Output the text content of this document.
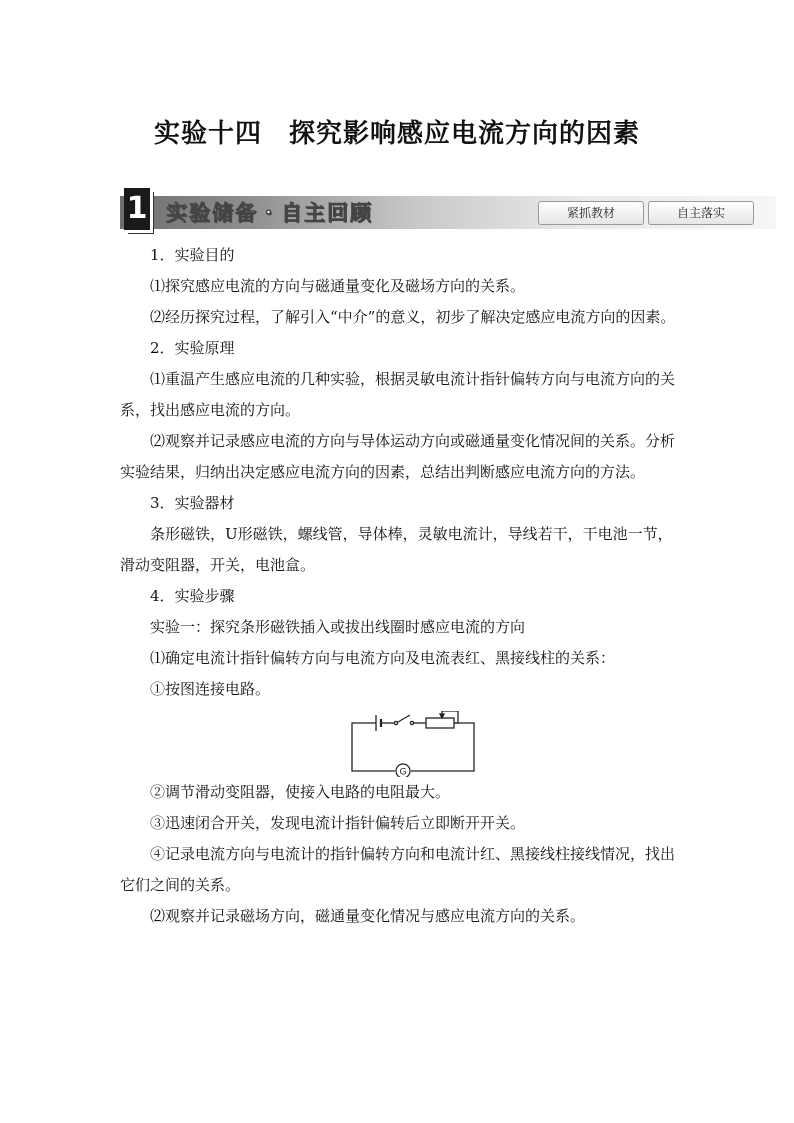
实验十四　探究影响感应电流方向的因素
1 实验储备・自主回顾	紧抓教材	自主落实

1．实验目的

⑴探究感应电流的方向与磁通量变化及磁场方向的关系。

⑵经历探究过程，了解引入“中介”的意义，初步了解决定感应电流方向的因素。

2．实验原理

⑴重温产生感应电流的几种实验，根据灵敏电流计指针偏转方向与电流方向的关系，找出感应电流的方向。

⑵观察并记录感应电流的方向与导体运动方向或磁通量变化情况间的关系。分析实验结果，归纳出决定感应电流方向的因素，总结出判断感应电流方向的方法。

3．实验器材

条形磁铁，U形磁铁，螺线管，导体棒，灵敏电流计，导线若干，干电池一节，滑动变阻器，开关，电池盒。

4．实验步骤

实验一：探究条形磁铁插入或拔出线圈时感应电流的方向

⑴确定电流计指针偏转方向与电流方向及电流表红、黑接线柱的关系：

①按图连接电路。

G

②调节滑动变阻器，使接入电路的电阻最大。

③迅速闭合开关，发现电流计指针偏转后立即断开开关。

④记录电流方向与电流计的指针偏转方向和电流计红、黑接线柱接线情况，找出它们之间的关系。

⑵观察并记录磁场方向，磁通量变化情况与感应电流方向的关系。
